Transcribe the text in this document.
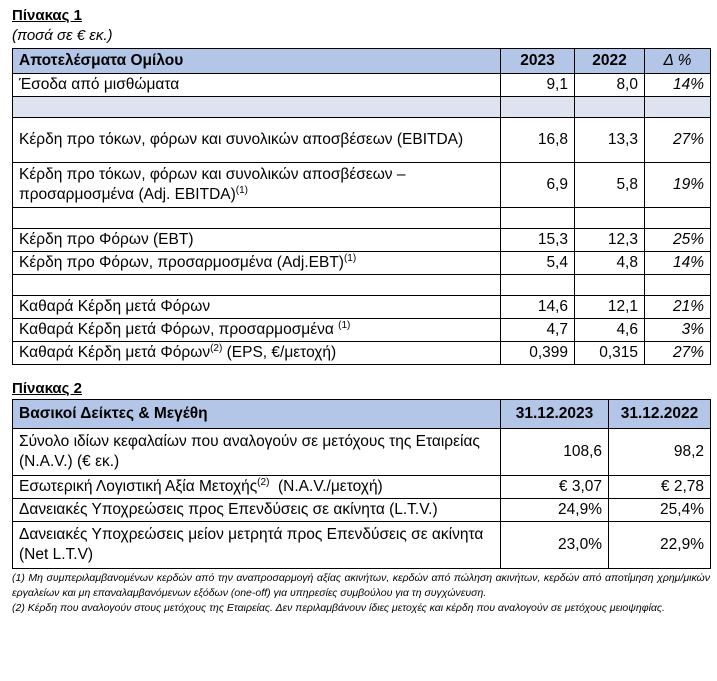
Πίνακας 1
(ποσά σε € εκ.)
Αποτελέσματα Ομίλου	2023	2022	Δ %
Έσοδα από μισθώματα	9,1	8,0	14%

Κέρδη προ τόκων, φόρων και συνολικών αποσβέσεων (EBITDA)	16,8	13,3	27%
Κέρδη προ τόκων, φόρων και συνολικών αποσβέσεων – προσαρμοσμένα (Adj. EBITDA)$^{(1)}$	6,9	5,8	19%

Κέρδη προ Φόρων (EBT)	15,3	12,3	25%
Κέρδη προ Φόρων, προσαρμοσμένα $(Adj.EBT)^{(1)}$	5,4	4,8	14%

Καθαρά Κέρδη μετά Φόρων	14,6	12,1	21%
Καθαρά Κέρδη μετά Φόρων, προσαρμοσμένα $^{(1)}$	4,7	4,6	3%
Καθαρά Κέρδη μετά Φόρων$^{(2)}$ (EPS, €/μετοχή)	0,399	0,315	27%
Πίνακας 2
Βασικοί Δείκτες & Μεγέθη	31.12.2023	31.12.2022
Σύνολο ιδίων κεφαλαίων που αναλογούν σε μετόχους της Εταιρείας (N.A.V.) (€ εκ.)	108,6	98,2
Εσωτερική Λογιστική Αξία Μετοχής$^{(2)}$  (N.A.V./μετοχή)	€ 3,07	€ 2,78
Δανειακές Υποχρεώσεις προς Επενδύσεις σε ακίνητα (L.T.V.)	24,9%	25,4%
Δανειακές Υποχρεώσεις μείον μετρητά προς Επενδύσεις σε ακίνητα (Net L.T.V)	23,0%	22,9%
(1) Μη συμπεριλαμβανομένων κερδών από την αναπροσαρμογή αξίας ακινήτων, κερδών από πώληση ακινήτων, κερδών από αποτίμηση χρημ/μικών εργαλείων και μη επαναλαμβανόμενων εξόδων (one-off) για υπηρεσίες συμβούλου για τη συγχώνευση.
(2) Κέρδη που αναλογούν στους μετόχους της Εταιρείας. Δεν περιλαμβάνουν ίδιες μετοχές και κέρδη που αναλογούν σε μετόχους μειοψηφίας.
